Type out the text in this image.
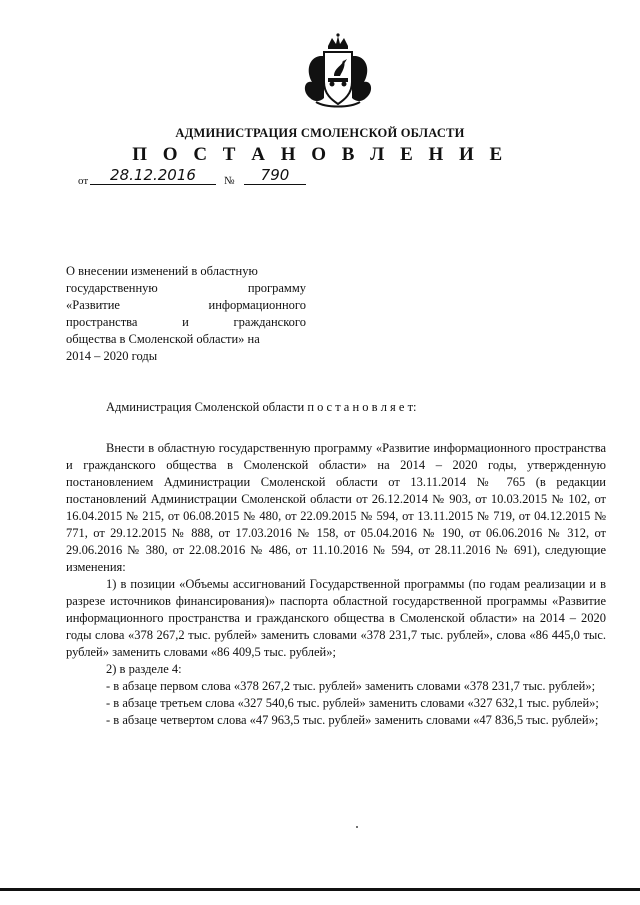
АДМИНИСТРАЦИЯ СМОЛЕНСКОЙ ОБЛАСТИ
П О С Т А Н О В Л Е Н И Е
от	28.12.2016	№	790
О внесении изменений в областную
государственную программу
«Развитие информационного
пространства и гражданского
общества в Смоленской области» на
2014 – 2020 годы
Администрация Смоленской области п о с т а н о в л я е т:

Внести в областную государственную программу «Развитие информационного пространства и гражданского общества в Смоленской области» на 2014 – 2020 годы, утвержденную постановлением Администрации Смоленской области от 13.11.2014 № 765 (в редакции постановлений Администрации Смоленской области от 26.12.2014 № 903, от 10.03.2015 № 102, от 16.04.2015 № 215, от 06.08.2015 № 480, от 22.09.2015 № 594, от 13.11.2015 № 719, от 04.12.2015 № 771, от 29.12.2015 № 888, от 17.03.2016 № 158, от 05.04.2016 № 190, от 06.06.2016 № 312, от 29.06.2016 № 380, от 22.08.2016 № 486, от 11.10.2016 № 594, от 28.11.2016 № 691), следующие изменения:

1) в позиции «Объемы ассигнований Государственной программы (по годам реализации и в разрезе источников финансирования)» паспорта областной государственной программы «Развитие информационного пространства и гражданского общества в Смоленской области» на 2014 – 2020 годы слова «378 267,2 тыс. рублей» заменить словами «378 231,7 тыс. рублей», слова «86 445,0 тыс. рублей» заменить словами «86 409,5 тыс. рублей»;

2) в разделе 4:

- в абзаце первом слова «378 267,2 тыс. рублей» заменить словами «378 231,7 тыс. рублей»;

- в абзаце третьем слова «327 540,6 тыс. рублей» заменить словами «327 632,1 тыс. рублей»;

- в абзаце четвертом слова «47 963,5 тыс. рублей» заменить словами «47 836,5 тыс. рублей»;
